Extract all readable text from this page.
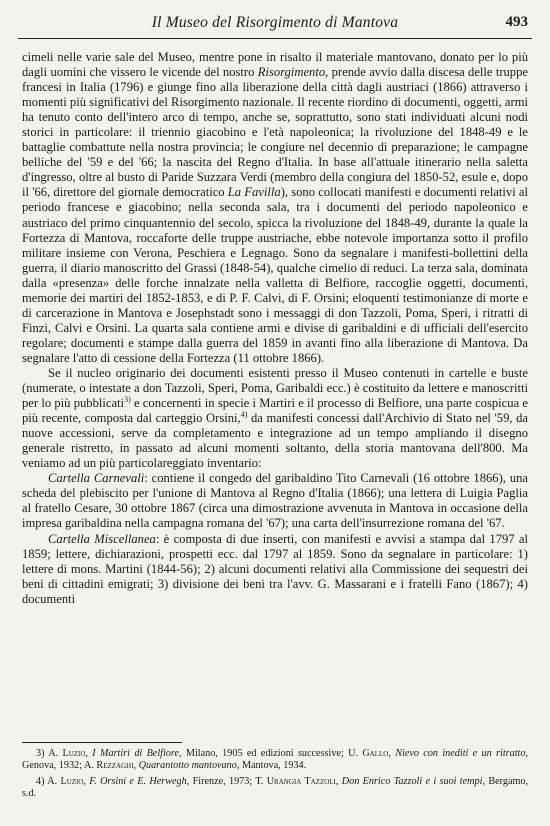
Il Museo del Risorgimento di Mantova	493

cimeli nelle varie sale del Museo, mentre pone in risalto il materiale mantovano, donato per lo più dagli uomini che vissero le vicende del nostro Risorgimento, prende avvio dalla discesa delle truppe francesi in Italia (1796) e giunge fino alla liberazione della città dagli austriaci (1866) attraverso i momenti più significativi del Risorgimento nazionale. Il recente riordino di documenti, oggetti, armi ha tenuto conto dell'intero arco di tempo, anche se, soprattutto, sono stati individuati alcuni nodi storici in particolare: il triennio giacobino e l'età napoleonica; la rivoluzione del 1848-49 e le battaglie combattute nella nostra provincia; le congiure nel decennio di preparazione; le campagne belliche del '59 e del '66; la nascita del Regno d'Italia. In base all'attuale itinerario nella saletta d'ingresso, oltre al busto di Paride Suzzara Verdi (membro della congiura del 1850-52, esule e, dopo il '66, direttore del giornale democratico La Favilla), sono collocati manifesti e documenti relativi al periodo francese e giacobino; nella seconda sala, tra i documenti del periodo napoleonico e austriaco del primo cinquantennio del secolo, spicca la rivoluzione del 1848-49, durante la quale la Fortezza di Mantova, roccaforte delle truppe austriache, ebbe notevole importanza sotto il profilo militare insieme con Verona, Peschiera e Legnago. Sono da segnalare i manifesti-bollettini della guerra, il diario manoscritto del Grassi (1848-54), qualche cimelio di reduci. La terza sala, dominata dalla «presenza» delle forche innalzate nella valletta di Belfiore, raccoglie oggetti, documenti, memorie dei martiri del 1852-1853, e di P. F. Calvi, di F. Orsini; eloquenti testimonianze di morte e di carcerazione in Mantova e Josephstadt sono i messaggi di don Tazzoli, Poma, Speri, i ritratti di Finzi, Calvi e Orsini. La quarta sala contiene armi e divise di garibaldini e di ufficiali dell'esercito regolare; documenti e stampe dalla guerra del 1859 in avanti fino alla liberazione di Mantova. Da segnalare l'atto di cessione della Fortezza (11 ottobre 1866).

Se il nucleo originario dei documenti esistenti presso il Museo contenuti in cartelle e buste (numerate, o intestate a don Tazzoli, Speri, Poma, Garibaldi ecc.) è costituito da lettere e manoscritti per lo più pubblicati$^{3)}$ e concernenti in specie i Martiri e il processo di Belfiore, una parte cospicua e più recente, composta dal carteggio Orsini,$^{4)}$ da manifesti concessi dall'Archivio di Stato nel '59, da nuove accessioni, serve da completamento e integrazione ad un tempo ampliando il disegno generale ristretto, in passato ad alcuni momenti soltanto, della storia mantovana dell'800. Ma veniamo ad un più particolareggiato inventario:

Cartella Carnevali: contiene il congedo del garibaldino Tito Carnevali (16 ottobre 1866), una scheda del plebiscito per l'unione di Mantova al Regno d'Italia (1866); una lettera di Luigia Paglia al fratello Cesare, 30 ottobre 1867 (circa una dimostrazione avvenuta in Mantova in occasione della impresa garibaldina nella campagna romana del '67); una carta dell'insurrezione romana del '67.

Cartella Miscellanea: è composta di due inserti, con manifesti e avvisi a stampa dal 1797 al 1859; lettere, dichiarazioni, prospetti ecc. dal 1797 al 1859. Sono da segnalare in particolare: 1) lettere di mons. Martini (1844-56); 2) alcuni documenti relativi alla Commissione dei sequestri dei beni di cittadini emigrati; 3) divisione dei beni tra l'avv. G. Massarani e i fratelli Fano (1867); 4) documenti

3) A. Luzio, I Martiri di Belfiore, Milano, 1905 ed edizioni successive; U. Gallo, Nievo con inediti e un ritratto, Genova, 1932; A. Rezzaghi, Quarantotto mantovano, Mantova, 1934.

4) A. Luzio, F. Orsini e E. Herwegh, Firenze, 1973; T. Urangia Tazzoli, Don Enrico Tazzoli e i suoi tempi, Bergamo, s.d.
